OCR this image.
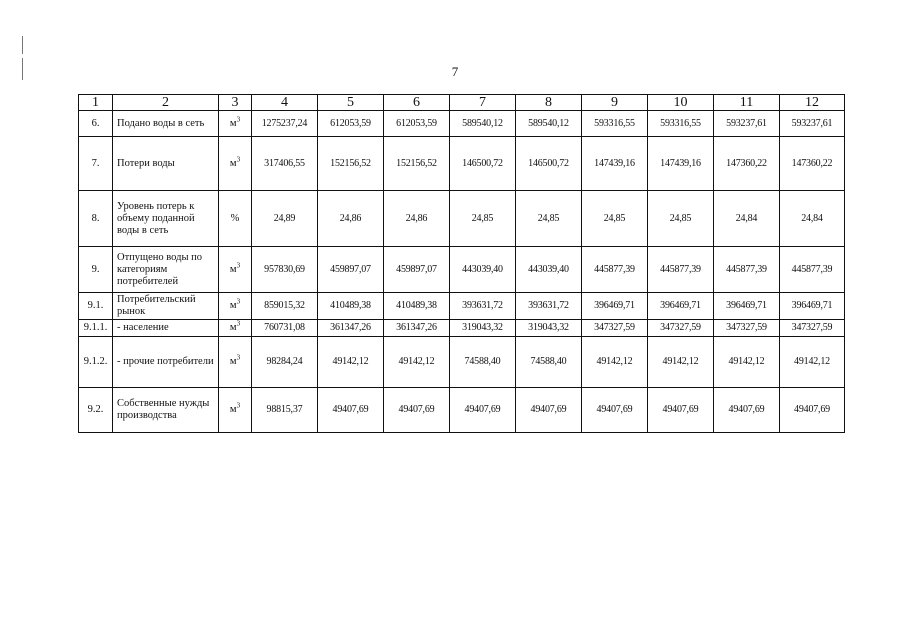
7
1	2	3	4	5	6	7	8	9	10	11	12
6.	Подано воды в сеть	$м^3$	1275237,24	612053,59	612053,59	589540,12	589540,12	593316,55	593316,55	593237,61	593237,61
7.	Потери воды	$м^3$	317406,55	152156,52	152156,52	146500,72	146500,72	147439,16	147439,16	147360,22	147360,22
8.	Уровень потерь к объему поданной воды в сеть	%	24,89	24,86	24,86	24,85	24,85	24,85	24,85	24,84	24,84
9.	Отпущено воды по категориям потребителей	$м^3$	957830,69	459897,07	459897,07	443039,40	443039,40	445877,39	445877,39	445877,39	445877,39
9.1.	Потребительский рынок	$м^3$	859015,32	410489,38	410489,38	393631,72	393631,72	396469,71	396469,71	396469,71	396469,71
9.1.1.	- население	$м^3$	760731,08	361347,26	361347,26	319043,32	319043,32	347327,59	347327,59	347327,59	347327,59
9.1.2.	- прочие потребители	$м^3$	98284,24	49142,12	49142,12	74588,40	74588,40	49142,12	49142,12	49142,12	49142,12
9.2.	Собственные нужды производства	$м^3$	98815,37	49407,69	49407,69	49407,69	49407,69	49407,69	49407,69	49407,69	49407,69
